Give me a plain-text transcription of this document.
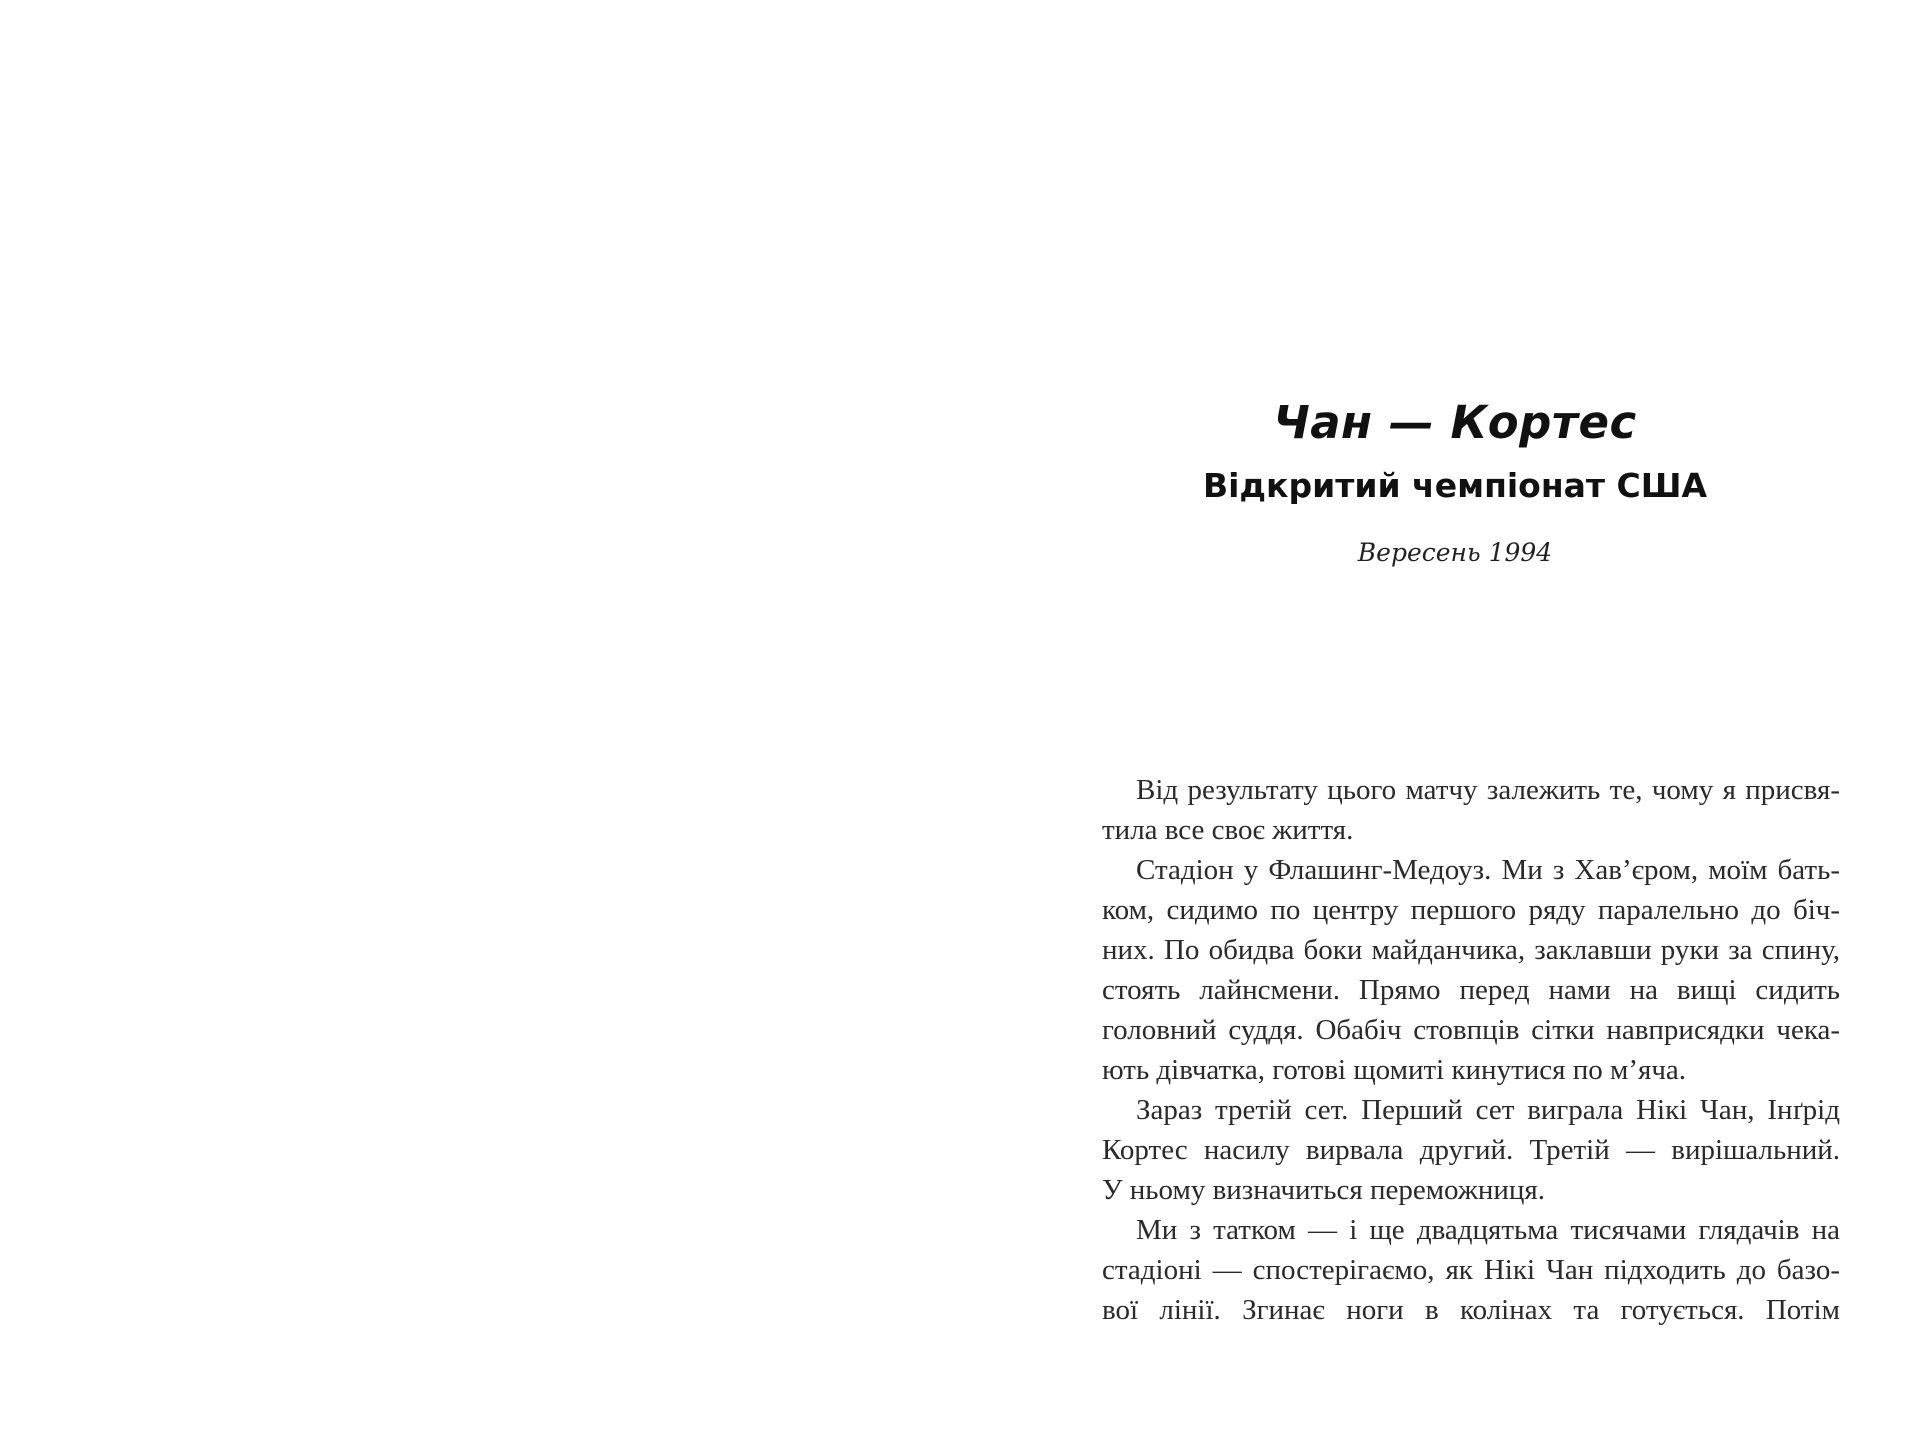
Чан — Кортес
Відкритий чемпіонат США

Вересень 1994

Від результату цього матчу залежить те, чому я присвя-
тила все своє життя.
Стадіон у Флашинг-Медоуз. Ми з Хав’єром, моїм бать-
ком, сидимо по центру першого ряду паралельно до біч-
них. По обидва боки майданчика, заклавши руки за спину,
стоять лайнсмени. Прямо перед нами на вищі сидить
головний суддя. Обабіч стовпців сітки навприсядки чека-
ють дівчатка, готові щомиті кинутися по м’яча.
Зараз третій сет. Перший сет виграла Нікі Чан, Інґрід
Кортес насилу вирвала другий. Третій — вирішальний.
У ньому визначиться переможниця.
Ми з татком — і ще двадцятьма тисячами глядачів на
стадіоні — спостерігаємо, як Нікі Чан підходить до базо-
вої лінії. Згинає ноги в колінах та готується. Потім
